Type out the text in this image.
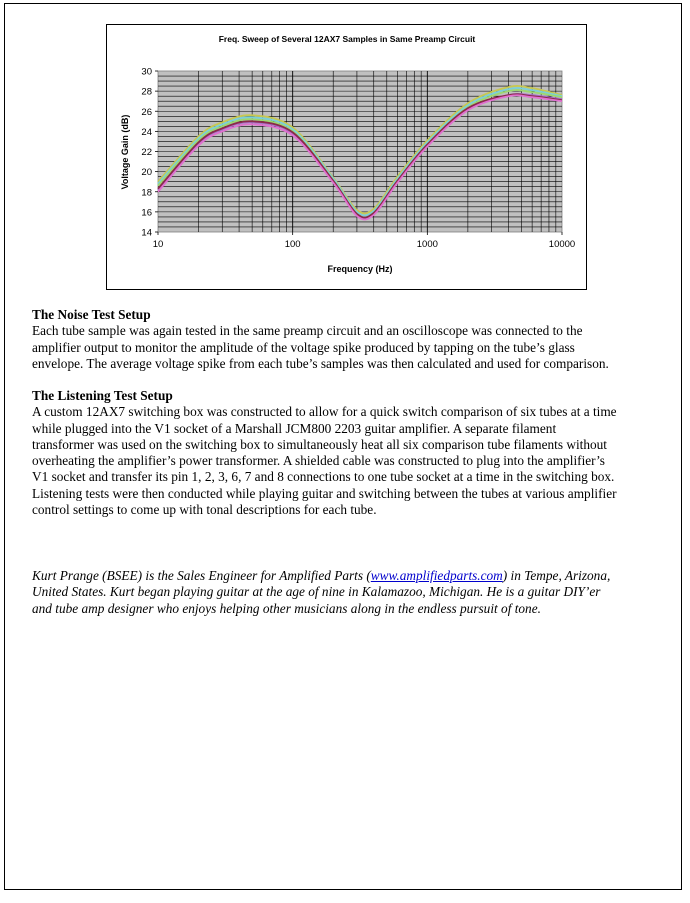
Freq. Sweep of Several 12AX7 Samples in Same Preamp Circuit
10	100	1000	10000
14
16
18
20
22
24
26
28
30
Frequency (Hz)
Voltage Gain (dB)
The Noise Test Setup

Each tube sample was again tested in the same preamp circuit and an oscilloscope was connected to the

amplifier output to monitor the amplitude of the voltage spike produced by tapping on the tube’s glass

envelope. The average voltage spike from each tube’s samples was then calculated and used for comparison.

The Listening Test Setup

A custom 12AX7 switching box was constructed to allow for a quick switch comparison of six tubes at a time

while plugged into the V1 socket of a Marshall JCM800 2203 guitar amplifier. A separate filament

transformer was used on the switching box to simultaneously heat all six comparison tube filaments without

overheating the amplifier’s power transformer. A shielded cable was constructed to plug into the amplifier’s

V1 socket and transfer its pin 1, 2, 3, 6, 7 and 8 connections to one tube socket at a time in the switching box.

Listening tests were then conducted while playing guitar and switching between the tubes at various amplifier

control settings to come up with tonal descriptions for each tube.

Kurt Prange (BSEE) is the Sales Engineer for Amplified Parts (www.amplifiedparts.com) in Tempe, Arizona,

United States. Kurt began playing guitar at the age of nine in Kalamazoo, Michigan. He is a guitar DIY’er

and tube amp designer who enjoys helping other musicians along in the endless pursuit of tone.
